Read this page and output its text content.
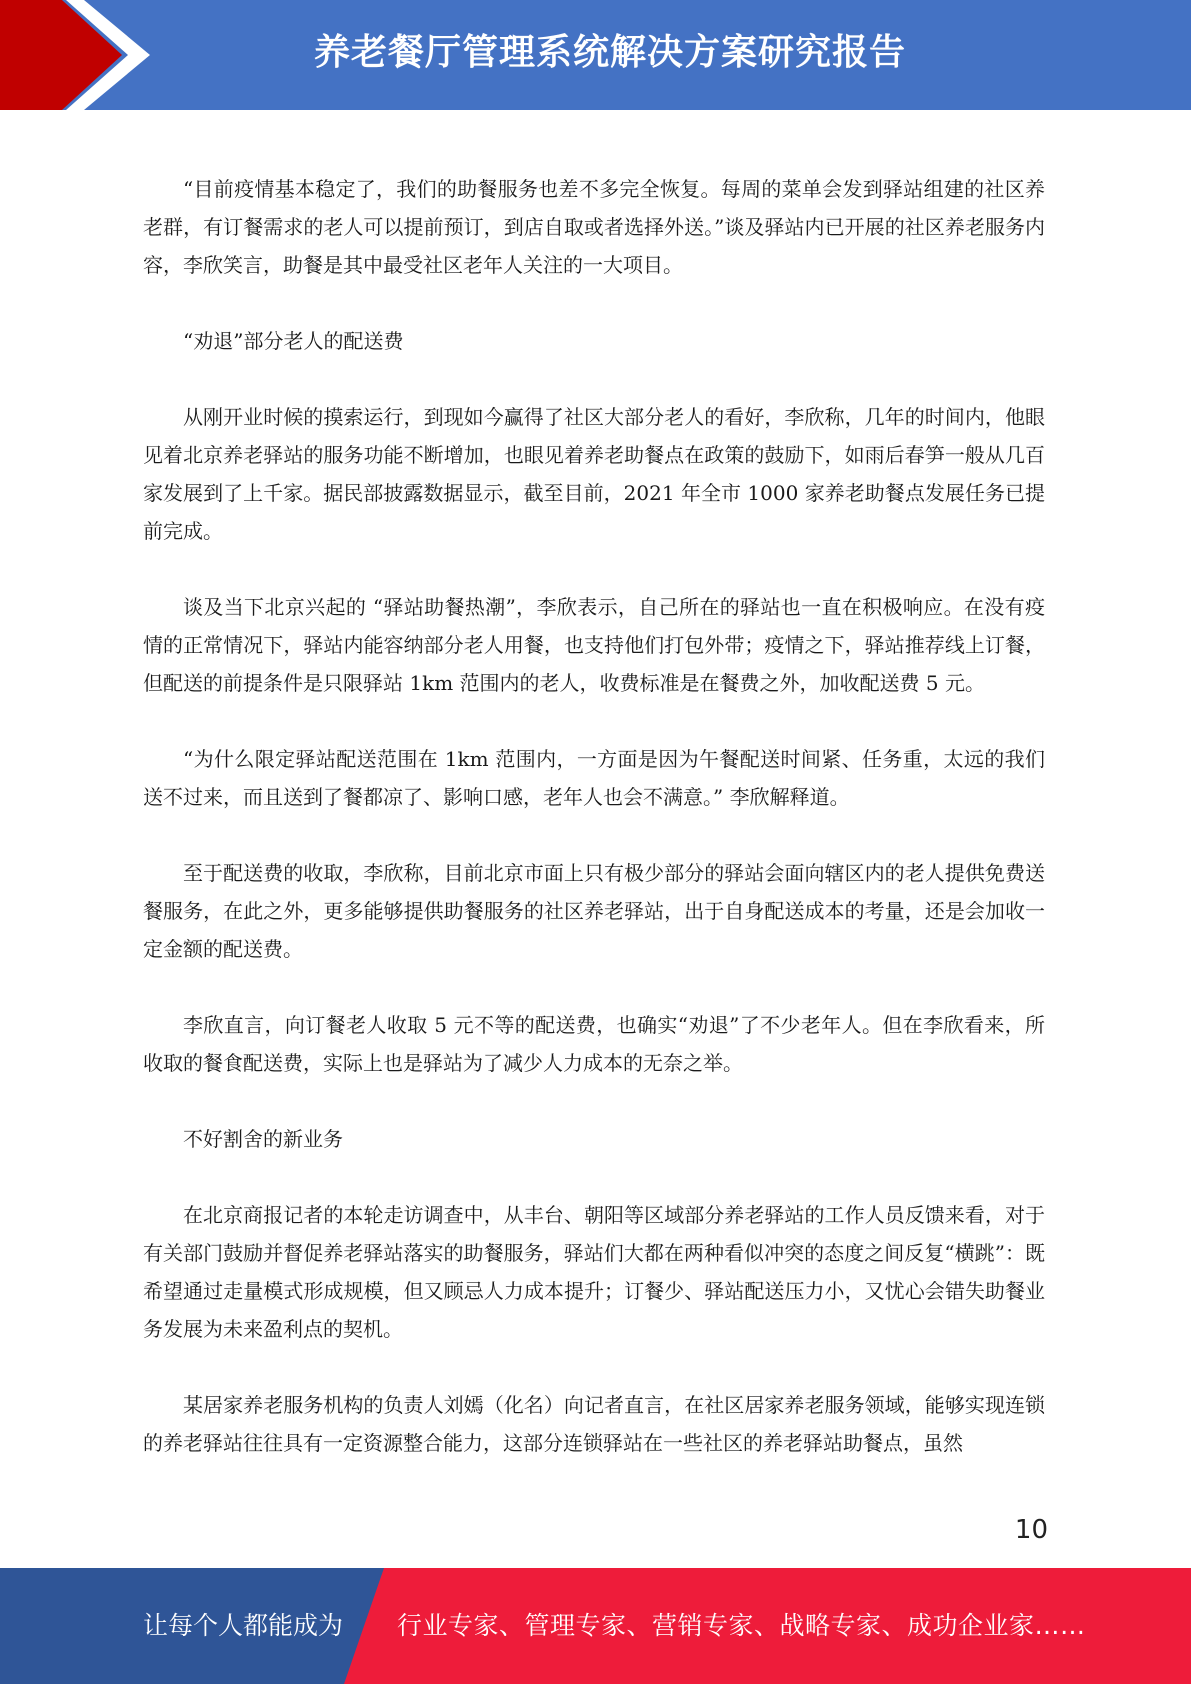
养老餐厅管理系统解决方案研究报告

“目前疫情基本稳定了，我们的助餐服务也差不多完全恢复。每周的菜单会发到驿站组建的社区养老群，有订餐需求的老人可以提前预订，到店自取或者选择外送。”谈及驿站内已开展的社区养老服务内容，李欣笑言，助餐是其中最受社区老年人关注的一大项目。

“劝退”部分老人的配送费

从刚开业时候的摸索运行，到现如今赢得了社区大部分老人的看好，李欣称，几年的时间内，他眼见着北京养老驿站的服务功能不断增加，也眼见着养老助餐点在政策的鼓励下，如雨后春笋一般从几百家发展到了上千家。据民部披露数据显示，截至目前，2021 年全市 1000 家养老助餐点发展任务已提前完成。

谈及当下北京兴起的 “驿站助餐热潮”，李欣表示，自己所在的驿站也一直在积极响应。在没有疫情的正常情况下，驿站内能容纳部分老人用餐，也支持他们打包外带；疫情之下，驿站推荐线上订餐，但配送的前提条件是只限驿站 1km 范围内的老人，收费标准是在餐费之外，加收配送费 5 元。

“为什么限定驿站配送范围在 1km 范围内，一方面是因为午餐配送时间紧、任务重，太远的我们送不过来，而且送到了餐都凉了、影响口感，老年人也会不满意。” 李欣解释道。

至于配送费的收取，李欣称，目前北京市面上只有极少部分的驿站会面向辖区内的老人提供免费送餐服务，在此之外，更多能够提供助餐服务的社区养老驿站，出于自身配送成本的考量，还是会加收一定金额的配送费。

李欣直言，向订餐老人收取 5 元不等的配送费，也确实“劝退”了不少老年人。但在李欣看来，所收取的餐食配送费，实际上也是驿站为了减少人力成本的无奈之举。

不好割舍的新业务

在北京商报记者的本轮走访调查中，从丰台、朝阳等区域部分养老驿站的工作人员反馈来看，对于有关部门鼓励并督促养老驿站落实的助餐服务，驿站们大都在两种看似冲突的态度之间反复“横跳”：既希望通过走量模式形成规模，但又顾忌人力成本提升；订餐少、驿站配送压力小，又忧心会错失助餐业务发展为未来盈利点的契机。

某居家养老服务机构的负责人刘嫣（化名）向记者直言，在社区居家养老服务领域，能够实现连锁的养老驿站往往具有一定资源整合能力，这部分连锁驿站在一些社区的养老驿站助餐点，虽然

10
让每个人都能成为 行业专家、管理专家、营销专家、战略专家、成功企业家……
